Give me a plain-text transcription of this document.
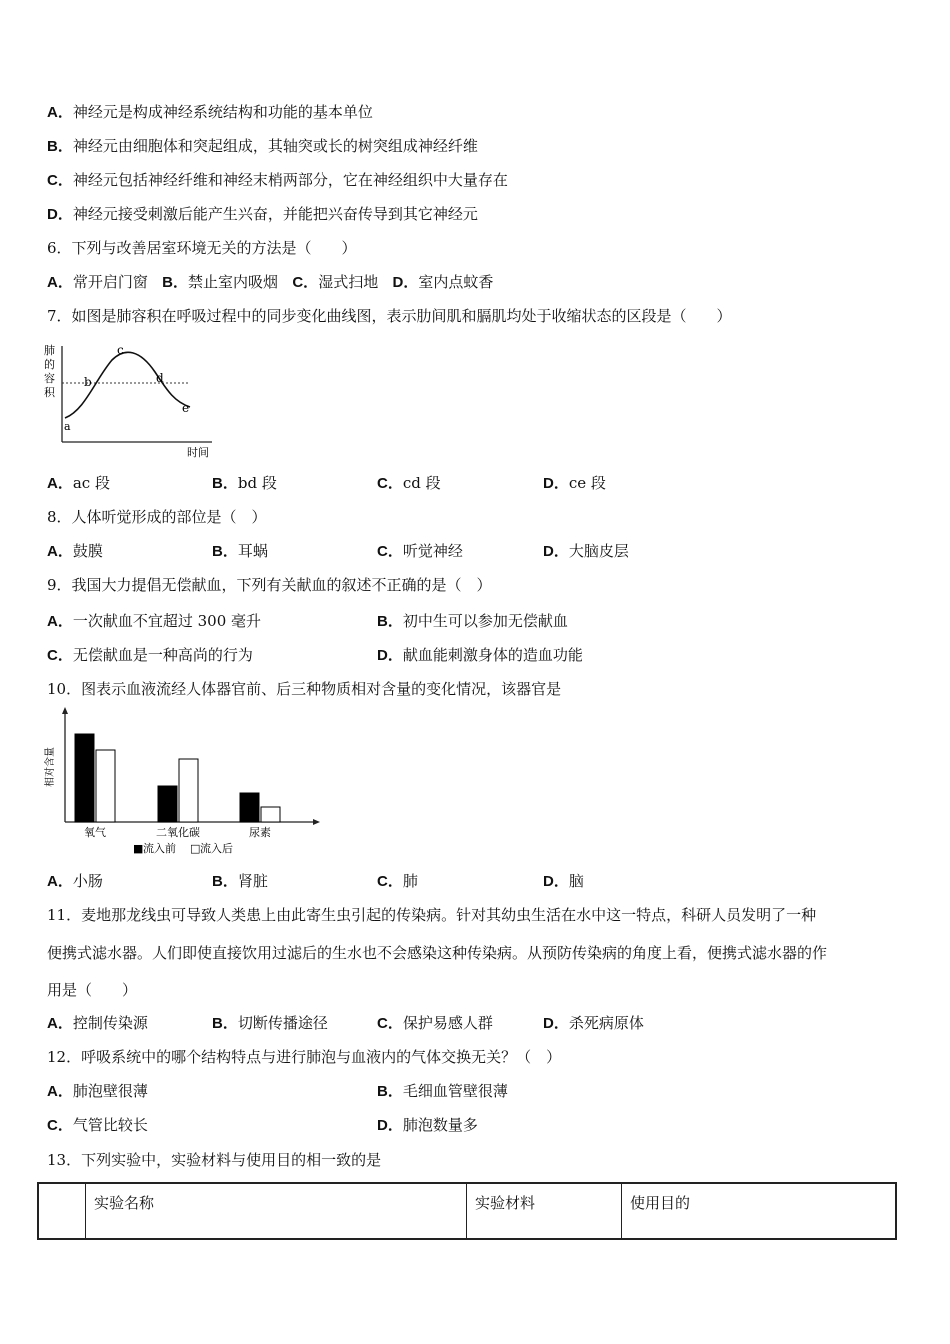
A．神经元是构成神经系统结构和功能的基本单位
B．神经元由细胞体和突起组成，其轴突或长的树突组成神经纤维
C．神经元包括神经纤维和神经末梢两部分，它在神经组织中大量存在
D．神经元接受刺激后能产生兴奋，并能把兴奋传导到其它神经元
6．下列与改善居室环境无关的方法是（　　）
A．常开启门窗 B．禁止室内吸烟 C．湿式扫地 D．室内点蚊香
7．如图是肺容积在呼吸过程中的同步变化曲线图，表示肋间肌和膈肌均处于收缩状态的区段是（　　）
肺
的
容
积
a
b
c
d
e
时间
A．ac 段	B．bd 段	C．cd 段	D．ce 段
8．人体听觉形成的部位是（　）
A．鼓膜	B．耳蜗	C．听觉神经	D．大脑皮层
9．我国大力提倡无偿献血，下列有关献血的叙述不正确的是（　）
A．一次献血不宜超过 300 毫升	B．初中生可以参加无偿献血
C．无偿献血是一种高尚的行为	D．献血能刺激身体的造血功能
10．图表示血液流经人体器官前、后三种物质相对含量的变化情况，该器官是
相对含量
氧气	二氧化碳	尿素
■ 流入前 □ 流入后
A．小肠	B．肾脏	C．肺	D．脑
11．麦地那龙线虫可导致人类患上由此寄生虫引起的传染病。针对其幼虫生活在水中这一特点，科研人员发明了一种
便携式滤水器。人们即使直接饮用过滤后的生水也不会感染这种传染病。从预防传染病的角度上看，便携式滤水器的作
用是（　　）
A．控制传染源	B．切断传播途径	C．保护易感人群	D．杀死病原体
12．呼吸系统中的哪个结构特点与进行肺泡与血液内的气体交换无关？（　）
A．肺泡壁很薄	B．毛细血管壁很薄
C．气管比较长	D．肺泡数量多
13．下列实验中，实验材料与使用目的相一致的是
	实验名称	实验材料	使用目的
